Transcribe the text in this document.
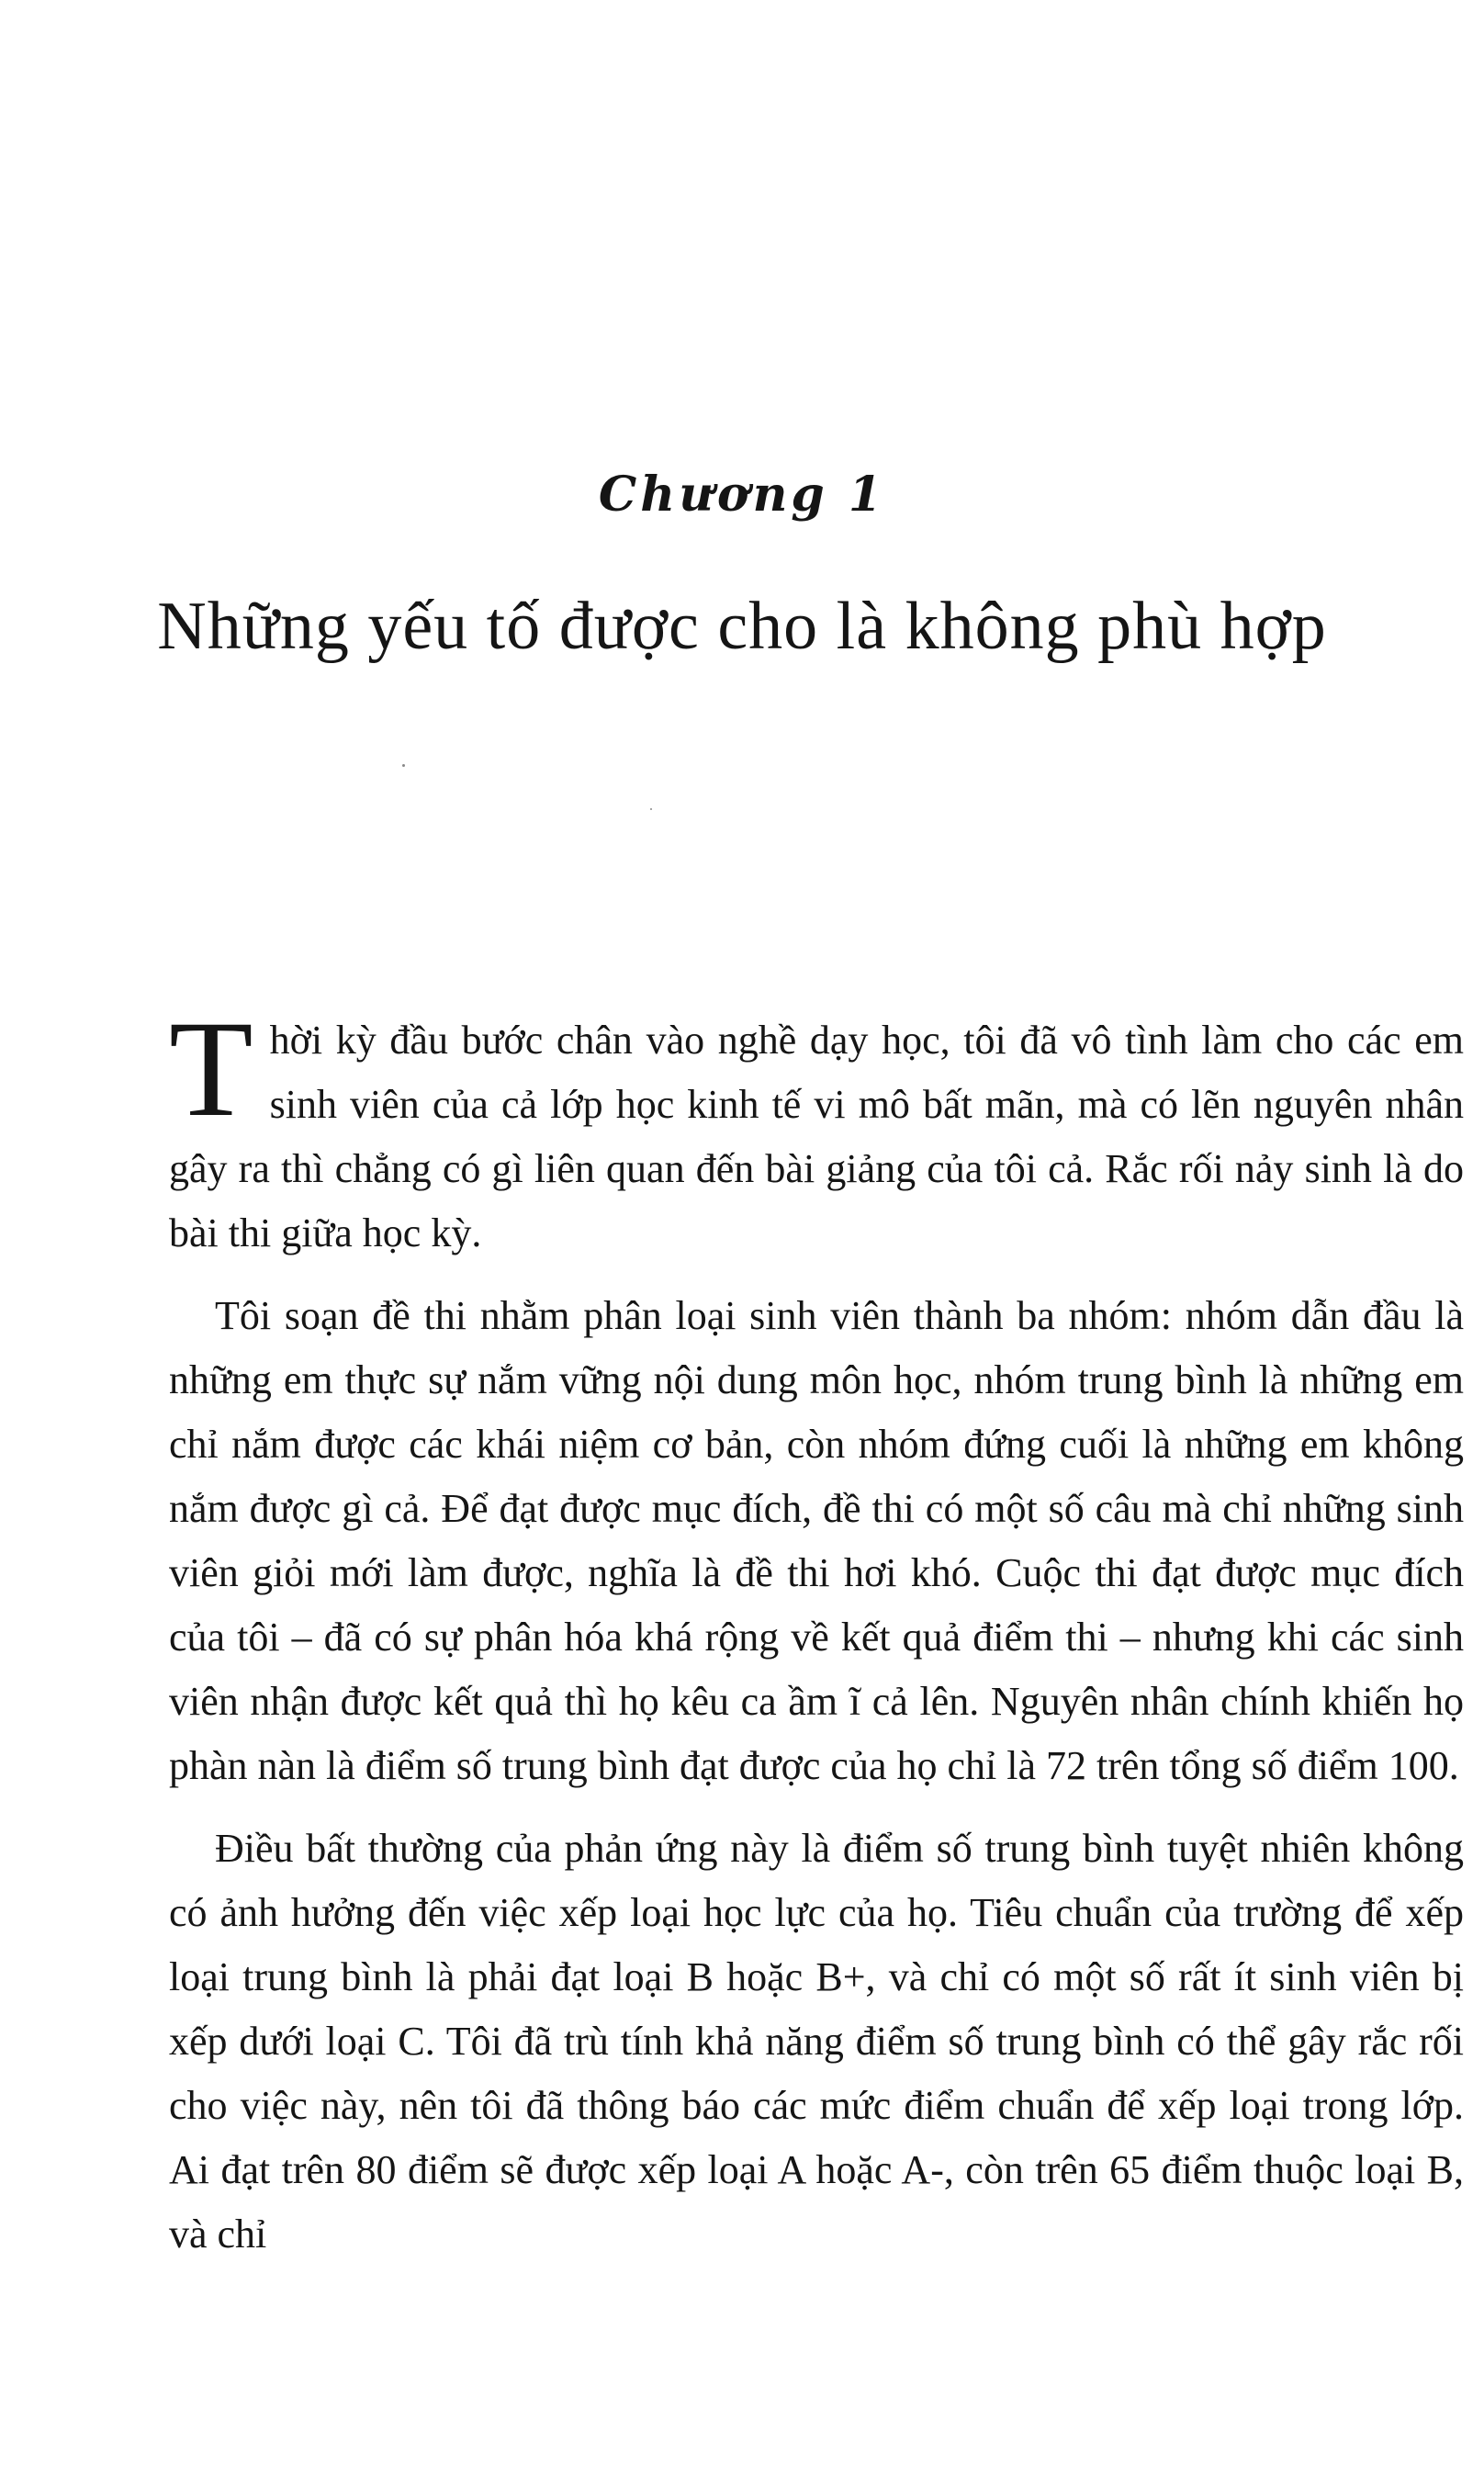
Chương 1
Những yếu tố được cho là không phù hợp

Thời kỳ đầu bước chân vào nghề dạy học, tôi đã vô tình làm cho các em sinh viên của cả lớp học kinh tế vi mô bất mãn, mà có lẽn nguyên nhân gây ra thì chẳng có gì liên quan đến bài giảng của tôi cả. Rắc rối nảy sinh là do bài thi giữa học kỳ.

Tôi soạn đề thi nhằm phân loại sinh viên thành ba nhóm: nhóm dẫn đầu là những em thực sự nắm vững nội dung môn học, nhóm trung bình là những em chỉ nắm được các khái niệm cơ bản, còn nhóm đứng cuối là những em không nắm được gì cả. Để đạt được mục đích, đề thi có một số câu mà chỉ những sinh viên giỏi mới làm được, nghĩa là đề thi hơi khó. Cuộc thi đạt được mục đích của tôi – đã có sự phân hóa khá rộng về kết quả điểm thi – nhưng khi các sinh viên nhận được kết quả thì họ kêu ca ầm ĩ cả lên. Nguyên nhân chính khiến họ phàn nàn là điểm số trung bình đạt được của họ chỉ là 72 trên tổng số điểm 100.

Điều bất thường của phản ứng này là điểm số trung bình tuyệt nhiên không có ảnh hưởng đến việc xếp loại học lực của họ. Tiêu chuẩn của trường để xếp loại trung bình là phải đạt loại B hoặc B+, và chỉ có một số rất ít sinh viên bị xếp dưới loại C. Tôi đã trù tính khả năng điểm số trung bình có thể gây rắc rối cho việc này, nên tôi đã thông báo các mức điểm chuẩn để xếp loại trong lớp. Ai đạt trên 80 điểm sẽ được xếp loại A hoặc A-, còn trên 65 điểm thuộc loại B, và chỉ
